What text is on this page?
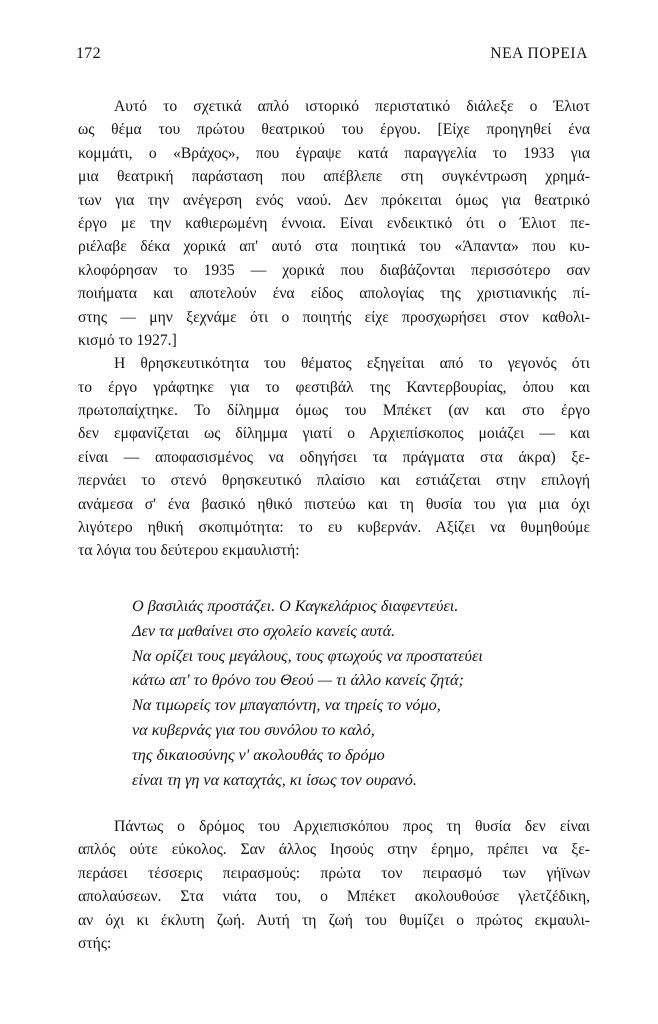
172	ΝΕΑ ΠΟΡΕΙΑ
Αυτό το σχετικά απλό ιστορικό περιστατικό διάλεξε ο Έλιοτ
ως θέμα του πρώτου θεατρικού του έργου. [Είχε προηγηθεί ένα
κομμάτι, ο «Βράχος», που έγραψε κατά παραγγελία το 1933 για
μια θεατρική παράσταση που απέβλεπε στη συγκέντρωση χρημά-
των για την ανέγερση ενός ναού. Δεν πρόκειται όμως για θεατρικό
έργο με την καθιερωμένη έννοια. Είναι ενδεικτικό ότι ο Έλιοτ πε-
ριέλαβε δέκα χορικά απ' αυτό στα ποιητικά του «Άπαντα» που κυ-
κλοφόρησαν το 1935 — χορικά που διαβάζονται περισσότερο σαν
ποιήματα και αποτελούν ένα είδος απολογίας της χριστιανικής πί-
στης — μην ξεχνάμε ότι ο ποιητής είχε προσχωρήσει στον καθολι-
κισμό το 1927.]
Η θρησκευτικότητα του θέματος εξηγείται από το γεγονός ότι
το έργο γράφτηκε για το φεστιβάλ της Καντερβουρίας, όπου και
πρωτοπαίχτηκε. Το δίλημμα όμως του Μπέκετ (αν και στο έργο
δεν εμφανίζεται ως δίλημμα γιατί ο Αρχιεπίσκοπος μοιάζει — και
είναι — αποφασισμένος να οδηγήσει τα πράγματα στα άκρα) ξε-
περνάει το στενό θρησκευτικό πλαίσιο και εστιάζεται στην επιλογή
ανάμεσα σ' ένα βασικό ηθικό πιστεύω και τη θυσία του για μια όχι
λιγότερο ηθική σκοπιμότητα: το ευ κυβερνάν. Αξίζει να θυμηθούμε
τα λόγια του δεύτερου εκμαυλιστή:
Ο βασιλιάς προστάζει. Ο Καγκελάριος διαφεντεύει.
Δεν τα μαθαίνει στο σχολείο κανείς αυτά.
Να ορίζει τους μεγάλους, τους φτωχούς να προστατεύει
κάτω απ' το θρόνο του Θεού — τι άλλο κανείς ζητά;
Να τιμωρείς τον μπαγαπόντη, να τηρείς το νόμο,
να κυβερνάς για του συνόλου το καλό,
της δικαιοσύνης ν' ακολουθάς το δρόμο
είναι τη γη να καταχτάς, κι ίσως τον ουρανό.
Πάντως ο δρόμος του Αρχιεπισκόπου προς τη θυσία δεν είναι
απλός ούτε εύκολος. Σαν άλλος Ιησούς στην έρημο, πρέπει να ξε-
περάσει τέσσερις πειρασμούς: πρώτα τον πειρασμό των γήϊνων
απολαύσεων. Στα νιάτα του, ο Μπέκετ ακολουθούσε γλετζέδικη,
αν όχι κι έκλυτη ζωή. Αυτή τη ζωή του θυμίζει ο πρώτος εκμαυλι-
στής:
